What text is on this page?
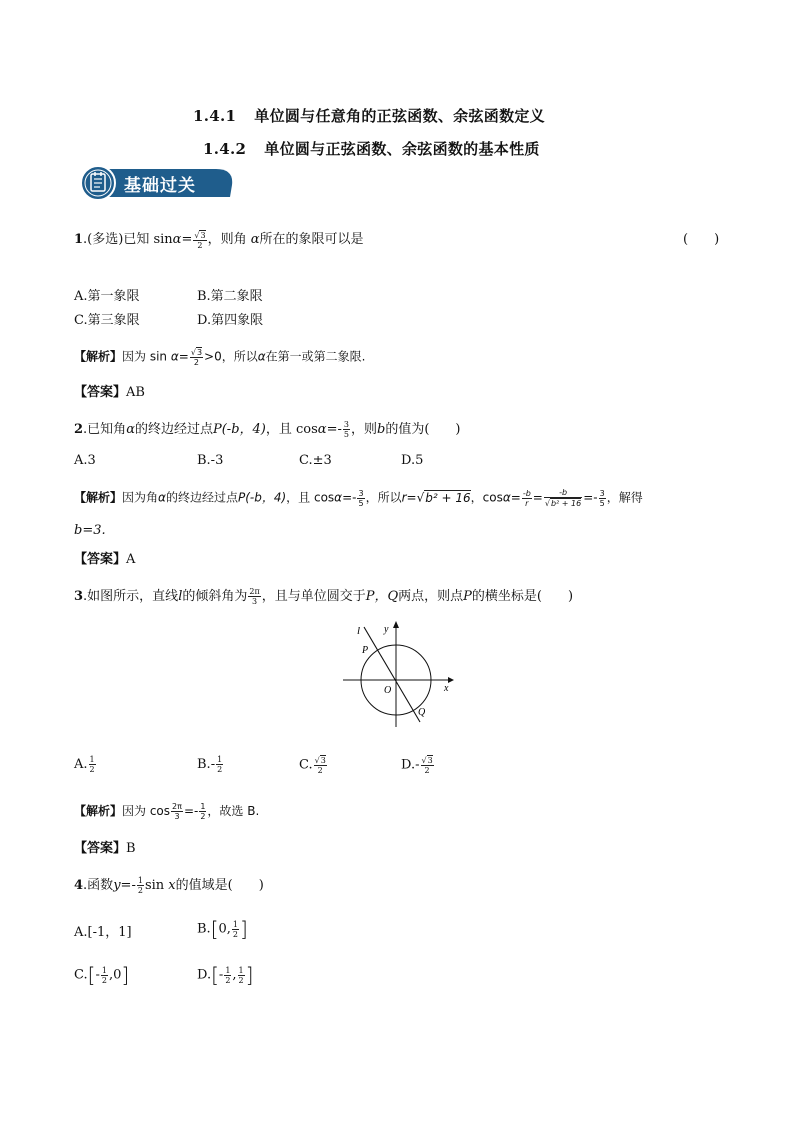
1.4.1 单位圆与任意角的正弦函数、余弦函数定义
1.4.2 单位圆与正弦函数、余弦函数的基本性质
基础过关
1.(多选)已知 $\sin\alpha= \frac{√3}{2}$ ，则角 α所在的象限可以是	(　　)
A.第一象限	B.第二象限
C.第三象限	D.第四象限
【解析】因为 $\sin \alpha= \frac{√3}{2} >0$，所以α在第一或第二象限.
【答案】AB
2.已知角α的终边经过点P(-b，4)，且 $\cos\alpha=- \frac{3}{5}$ ，则b的值为(　　)
A.3	B.-3	C.±3	D.5
【解析】因为角α的终边经过点P(-b，4)，且 $\cos\alpha=- \frac{3}{5}$ ，所以r=√b² + 16，$\cos\alpha= \frac{-b}{r} = \frac{-b}{\text{√b² + 16}} =- \frac{3}{5}$ ，解得
b=3.
【答案】A
3.如图所示，直线l的倾斜角为 $\frac{2\pi}{3}$ ，且与单位圆交于P，Q两点，则点P的横坐标是(　　)
l y
P
O	x
Q
A. $\frac{1}{2}$	$B.- \frac{1}{2}$	C. $\frac{√3}{2}$	$D.- \frac{√3}{2}$
【解析】因为 $\cos \frac{2\pi}{3} =- \frac{1}{2}$ ，故选 B.
【答案】B
4.函数$y=- \frac{1}{2}$ sin x的值域是(　　)
A.[-1，1]	B.[0, $\frac{1}{2}$ ]
$C.[- \frac{1}{2} ,0]$	$D.[- \frac{1}{2}$ , $\frac{1}{2}$ ]
